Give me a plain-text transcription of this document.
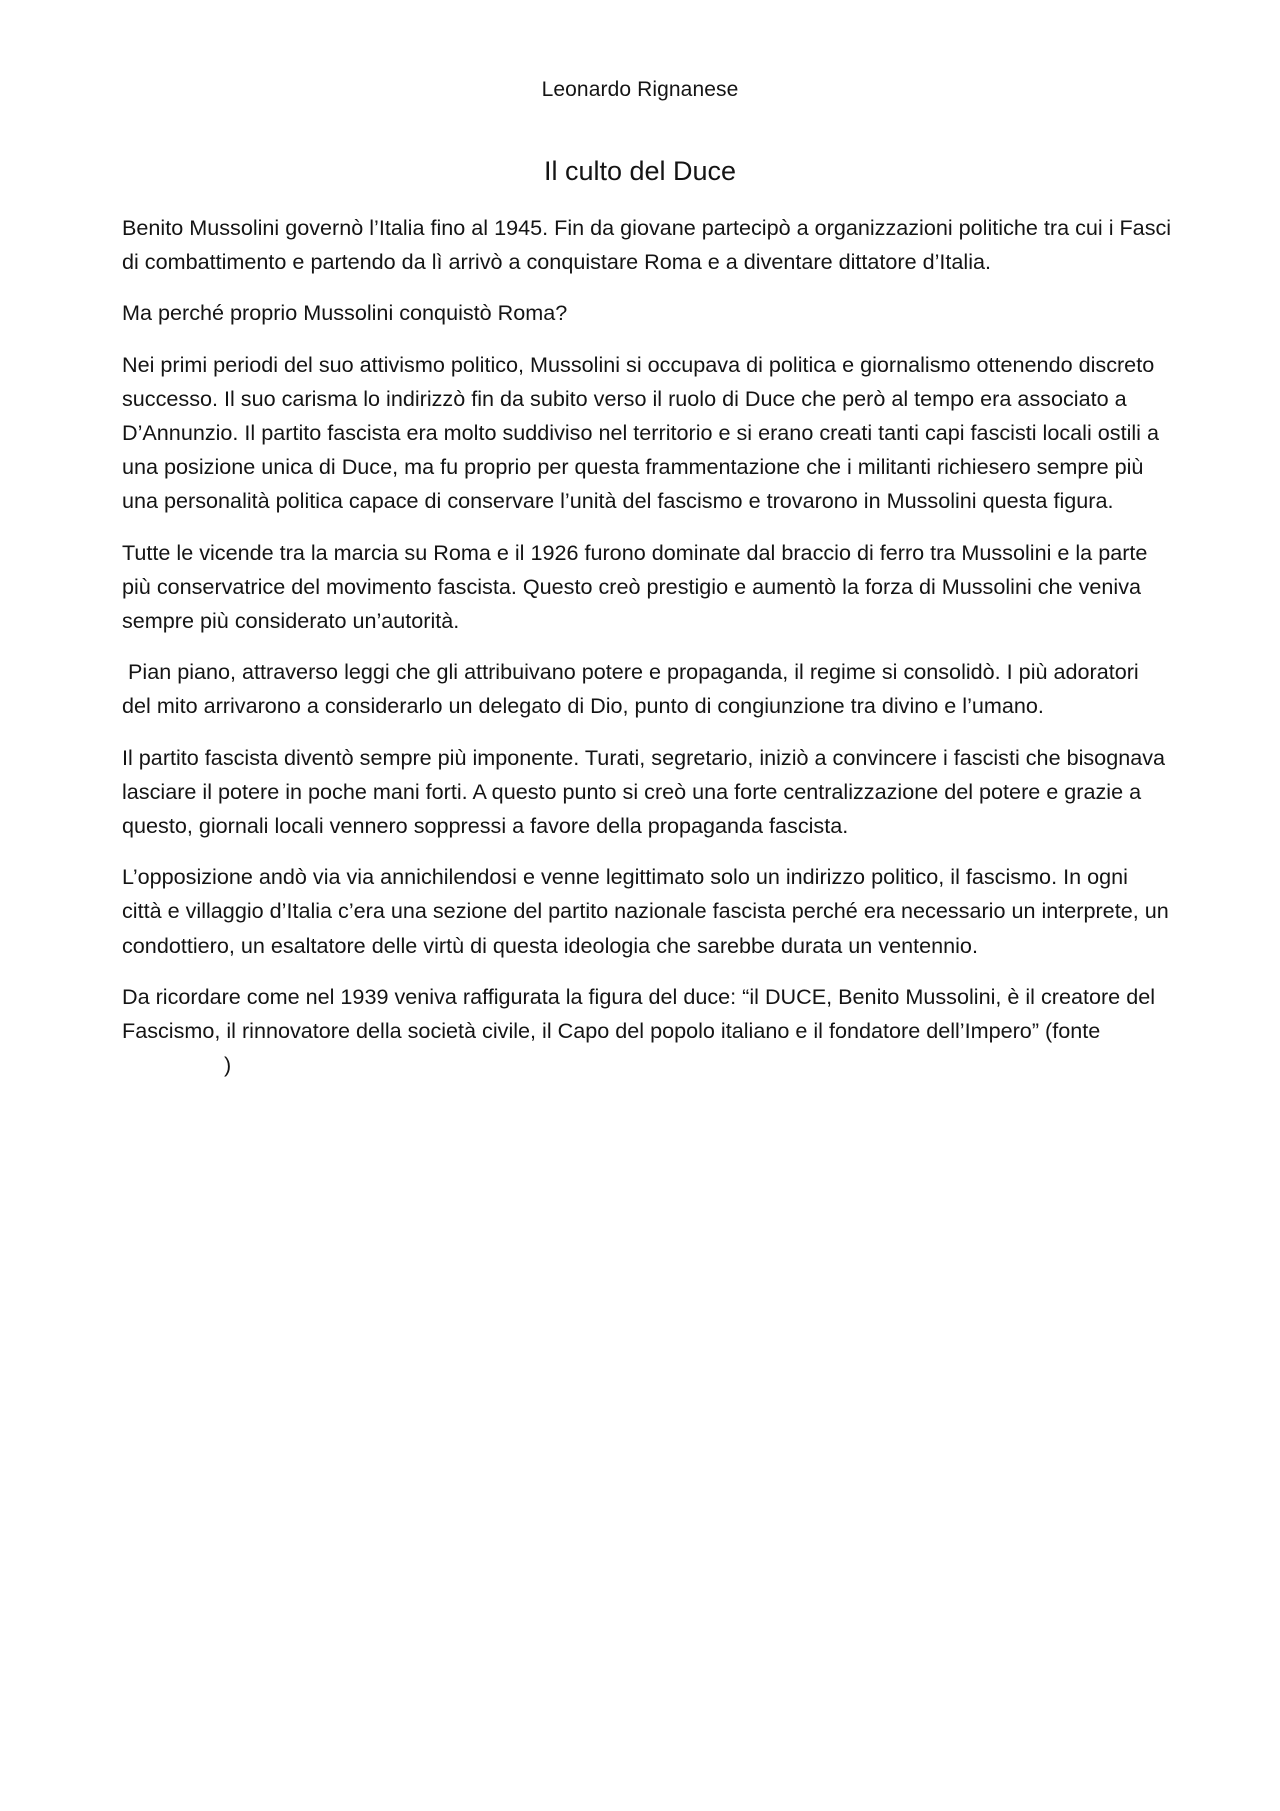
Leonardo Rignanese
Il culto del Duce

Benito Mussolini governò l’Italia fino al 1945. Fin da giovane partecipò a organizzazioni politiche tra cui i Fasci di combattimento e partendo da lì arrivò a conquistare Roma e a diventare dittatore d’Italia.

Ma perché proprio Mussolini conquistò Roma?

Nei primi periodi del suo attivismo politico, Mussolini si occupava di politica e giornalismo ottenendo discreto successo. Il suo carisma lo indirizzò fin da subito verso il ruolo di Duce che però al tempo era associato a D’Annunzio. Il partito fascista era molto suddiviso nel territorio e si erano creati tanti capi fascisti locali ostili a una posizione unica di Duce, ma fu proprio per questa frammentazione che i militanti richiesero sempre più una personalità politica capace di conservare l’unità del fascismo e trovarono in Mussolini questa figura.

Tutte le vicende tra la marcia su Roma e il 1926 furono dominate dal braccio di ferro tra Mussolini e la parte più conservatrice del movimento fascista. Questo creò prestigio e aumentò la forza di Mussolini che veniva sempre più considerato un’autorità.

Pian piano, attraverso leggi che gli attribuivano potere e propaganda, il regime si consolidò. I più adoratori del mito arrivarono a considerarlo un delegato di Dio, punto di congiunzione tra divino e l’umano.

Il partito fascista diventò sempre più imponente. Turati, segretario, iniziò a convincere i fascisti che bisognava lasciare il potere in poche mani forti. A questo punto si creò una forte centralizzazione del potere e grazie a questo, giornali locali vennero soppressi a favore della propaganda fascista.

L’opposizione andò via via annichilendosi e venne legittimato solo un indirizzo politico, il fascismo. In ogni città e villaggio d’Italia c’era una sezione del partito nazionale fascista perché era necessario un interprete, un condottiero, un esaltatore delle virtù di questa ideologia che sarebbe durata un ventennio.

Da ricordare come nel 1939 veniva raffigurata la figura del duce: “il DUCE, Benito Mussolini, è il creatore del Fascismo, il rinnovatore della società civile, il Capo del popolo italiano e il fondatore dell’Impero” (fonte)
